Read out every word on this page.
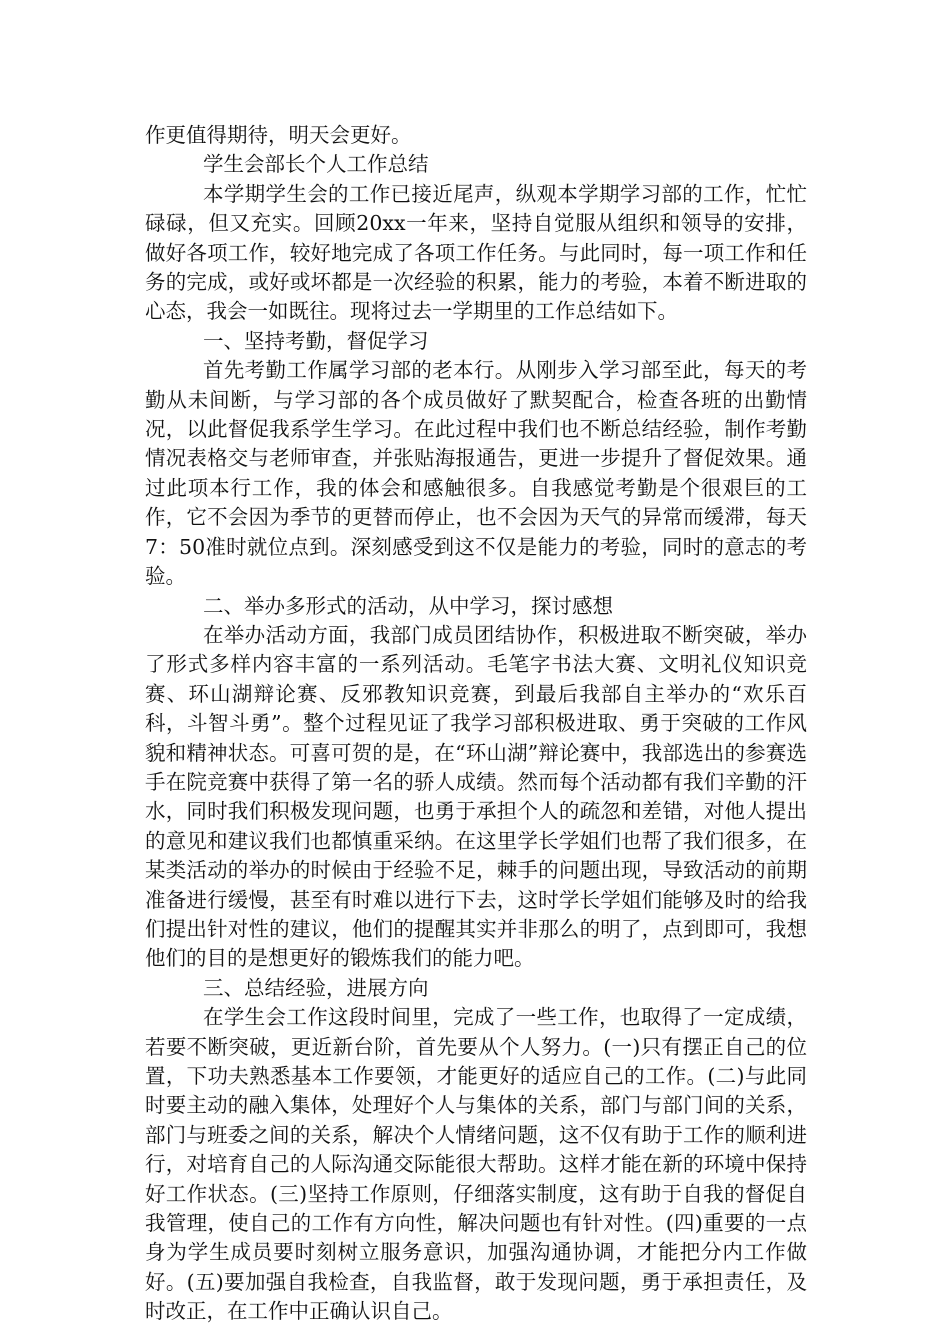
作更值得期待，明天会更好。

学生会部长个人工作总结

本学期学生会的工作已接近尾声，纵观本学期学习部的工作，忙忙碌碌，但又充实。回顾20xx一年来，坚持自觉服从组织和领导的安排，做好各项工作，较好地完成了各项工作任务。与此同时，每一项工作和任务的完成，或好或坏都是一次经验的积累，能力的考验，本着不断进取的心态，我会一如既往。现将过去一学期里的工作总结如下。

一、坚持考勤，督促学习

首先考勤工作属学习部的老本行。从刚步入学习部至此，每天的考勤从未间断，与学习部的各个成员做好了默契配合，检查各班的出勤情况，以此督促我系学生学习。在此过程中我们也不断总结经验，制作考勤情况表格交与老师审查，并张贴海报通告，更进一步提升了督促效果。通过此项本行工作，我的体会和感触很多。自我感觉考勤是个很艰巨的工作，它不会因为季节的更替而停止，也不会因为天气的异常而缓滞，每天7：50准时就位点到。深刻感受到这不仅是能力的考验，同时的意志的考验。

二、举办多形式的活动，从中学习，探讨感想

在举办活动方面，我部门成员团结协作，积极进取不断突破，举办了形式多样内容丰富的一系列活动。毛笔字书法大赛、文明礼仪知识竞赛、环山湖辩论赛、反邪教知识竞赛，到最后我部自主举办的“欢乐百科，斗智斗勇”。整个过程见证了我学习部积极进取、勇于突破的工作风貌和精神状态。可喜可贺的是，在“环山湖”辩论赛中，我部选出的参赛选手在院竞赛中获得了第一名的骄人成绩。然而每个活动都有我们辛勤的汗水，同时我们积极发现问题，也勇于承担个人的疏忽和差错，对他人提出的意见和建议我们也都慎重采纳。在这里学长学姐们也帮了我们很多，在某类活动的举办的时候由于经验不足，棘手的问题出现，导致活动的前期准备进行缓慢，甚至有时难以进行下去，这时学长学姐们能够及时的给我们提出针对性的建议，他们的提醒其实并非那么的明了，点到即可，我想他们的目的是想更好的锻炼我们的能力吧。

三、总结经验，进展方向

在学生会工作这段时间里，完成了一些工作，也取得了一定成绩，若要不断突破，更近新台阶，首先要从个人努力。(一)只有摆正自己的位置，下功夫熟悉基本工作要领，才能更好的适应自己的工作。(二)与此同时要主动的融入集体，处理好个人与集体的关系，部门与部门间的关系，部门与班委之间的关系，解决个人情绪问题，这不仅有助于工作的顺利进行，对培育自己的人际沟通交际能很大帮助。这样才能在新的环境中保持好工作状态。(三)坚持工作原则，仔细落实制度，这有助于自我的督促自我管理，使自己的工作有方向性，解决问题也有针对性。(四)重要的一点身为学生成员要时刻树立服务意识，加强沟通协调，才能把分内工作做好。(五)要加强自我检查，自我监督，敢于发现问题，勇于承担责任，及时改正，在工作中正确认识自己。
